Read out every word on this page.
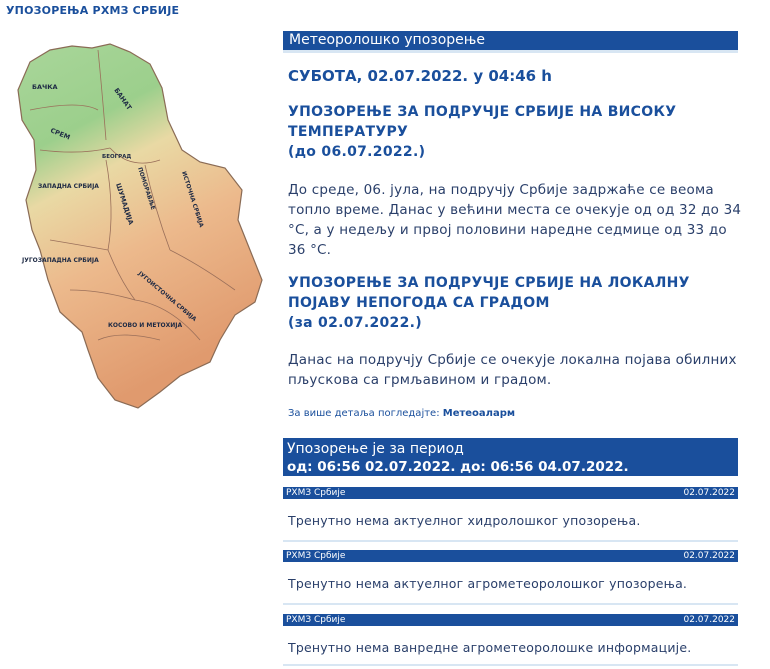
УПОЗОРЕЊА РХМЗ СРБИЈЕ
БАЧКА	БАНАТ
СРЕМ
БЕОГРАД
ПОМОРАВЉЕ
ЗАПАДНА СРБИЈА ШУМАДИЈА	ИСТОЧНА СРБИЈА
ЈУГОЗАПАДНА СРБИЈА
ЈУГОИСТОЧНА СРБИЈА
КОСОВО И МЕТОХИЈА
Метеоролошко упозорење
СУБОТА, 02.07.2022. у 04:46 h
УПОЗОРЕЊЕ ЗА ПОДРУЧЈЕ СРБИЈЕ НА ВИСОКУ ТЕМПЕРАТУРУ
(до 06.07.2022.)
До среде, 06. јула, на подручју Србије задржаће се веома топло време. Данас у већини места се очекује од од 32 до 34 °C, а у недељу и првој половини наредне седмице од 33 до 36 °C.
УПОЗОРЕЊЕ ЗА ПОДРУЧЈЕ СРБИЈЕ НА ЛОКАЛНУ ПОЈАВУ НЕПОГОДА СА ГРАДОМ
(за 02.07.2022.)
Данас на подручју Србије се очекује локална појава обилних пљускова са грмљавином и градом.
За више детаља погледајте: Метеоаларм
Упозорење је за период
од: 06:56 02.07.2022. до: 06:56 04.07.2022.
РХМЗ Србије	02.07.2022
Тренутно нема актуелног хидролошког упозорења.
РХМЗ Србије	02.07.2022
Тренутно нема актуелног агрометеоролошког упозорења.
РХМЗ Србије	02.07.2022
Тренутно нема ванредне агрометеоролошке информације.
